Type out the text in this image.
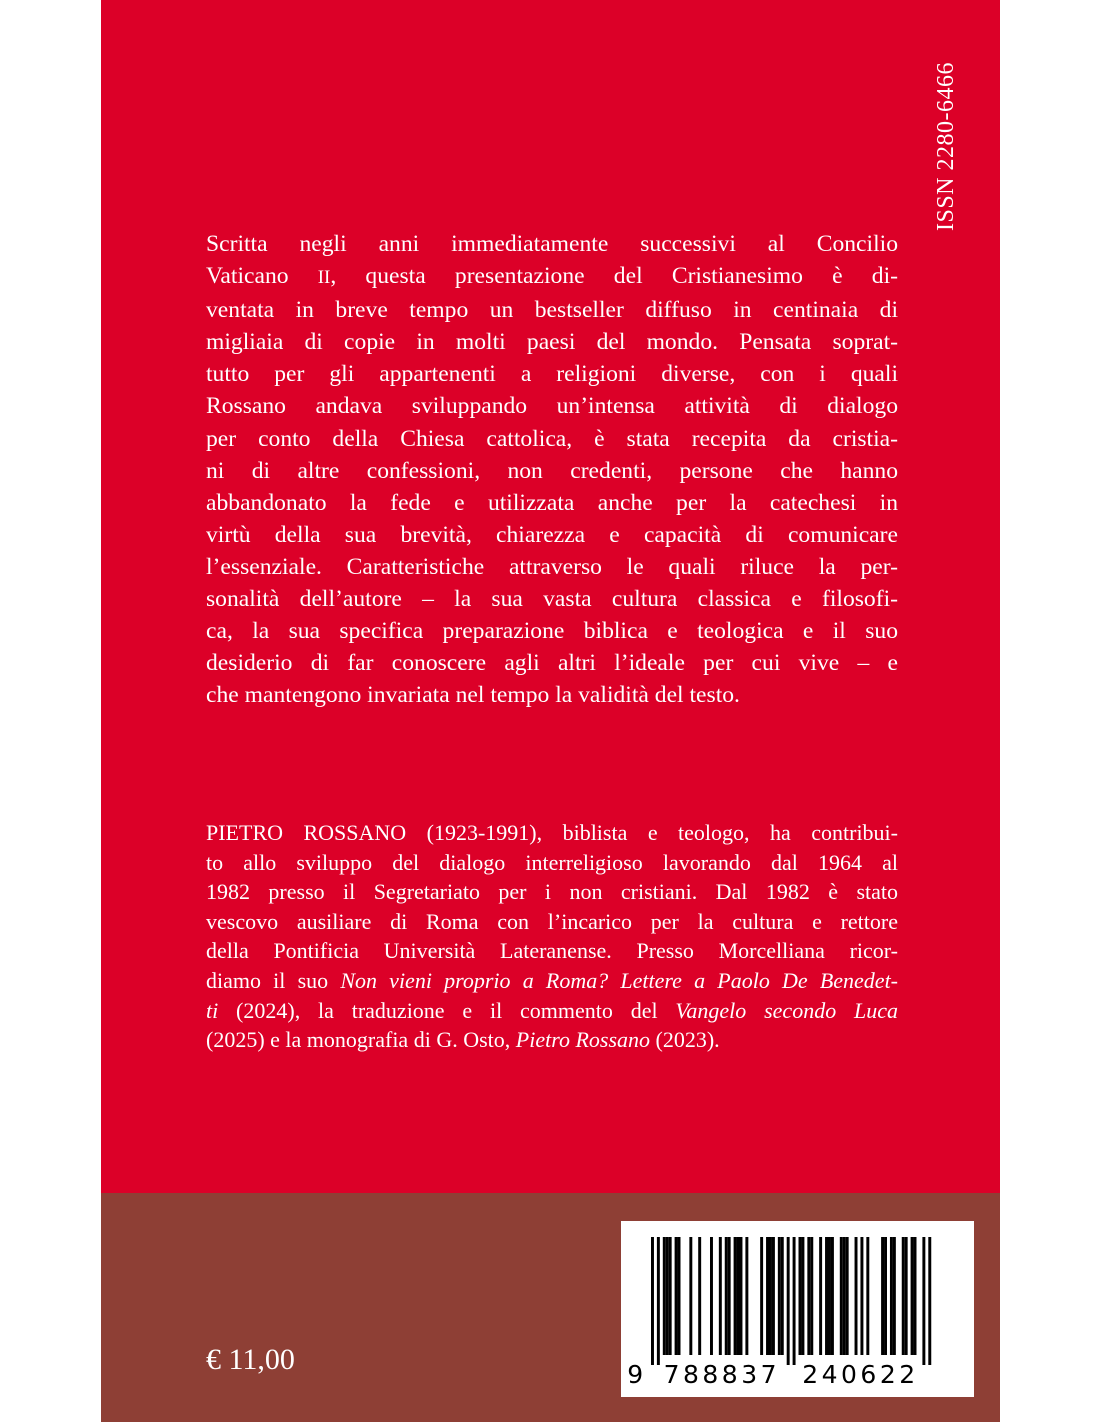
ISSN 2280-6466
Scritta negli anni immediatamente successivi al Concilio
Vaticano II, questa presentazione del Cristianesimo è di-
ventata in breve tempo un bestseller diffuso in centinaia di
migliaia di copie in molti paesi del mondo. Pensata soprat-
tutto per gli appartenenti a religioni diverse, con i quali
Rossano andava sviluppando un’intensa attività di dialogo
per conto della Chiesa cattolica, è stata recepita da cristia-
ni di altre confessioni, non credenti, persone che hanno
abbandonato la fede e utilizzata anche per la catechesi in
virtù della sua brevità, chiarezza e capacità di comunicare
l’essenziale. Caratteristiche attraverso le quali riluce la per-
sonalità dell’autore – la sua vasta cultura classica e filosofi-
ca, la sua specifica preparazione biblica e teologica e il suo
desiderio di far conoscere agli altri l’ideale per cui vive – e
che mantengono invariata nel tempo la validità del testo.
PIETRO ROSSANO (1923-1991), biblista e teologo, ha contribui-
to allo sviluppo del dialogo interreligioso lavorando dal 1964 al
1982 presso il Segretariato per i non cristiani. Dal 1982 è stato
vescovo ausiliare di Roma con l’incarico per la cultura e rettore
della Pontificia Università Lateranense. Presso Morcelliana ricor-
diamo il suo Non vieni proprio a Roma? Lettere a Paolo De Benedet-
ti (2024), la traduzione e il commento del Vangelo secondo Luca
(2025) e la monografia di G. Osto, Pietro Rossano (2023).
€ 11,00	9 788837 240622
